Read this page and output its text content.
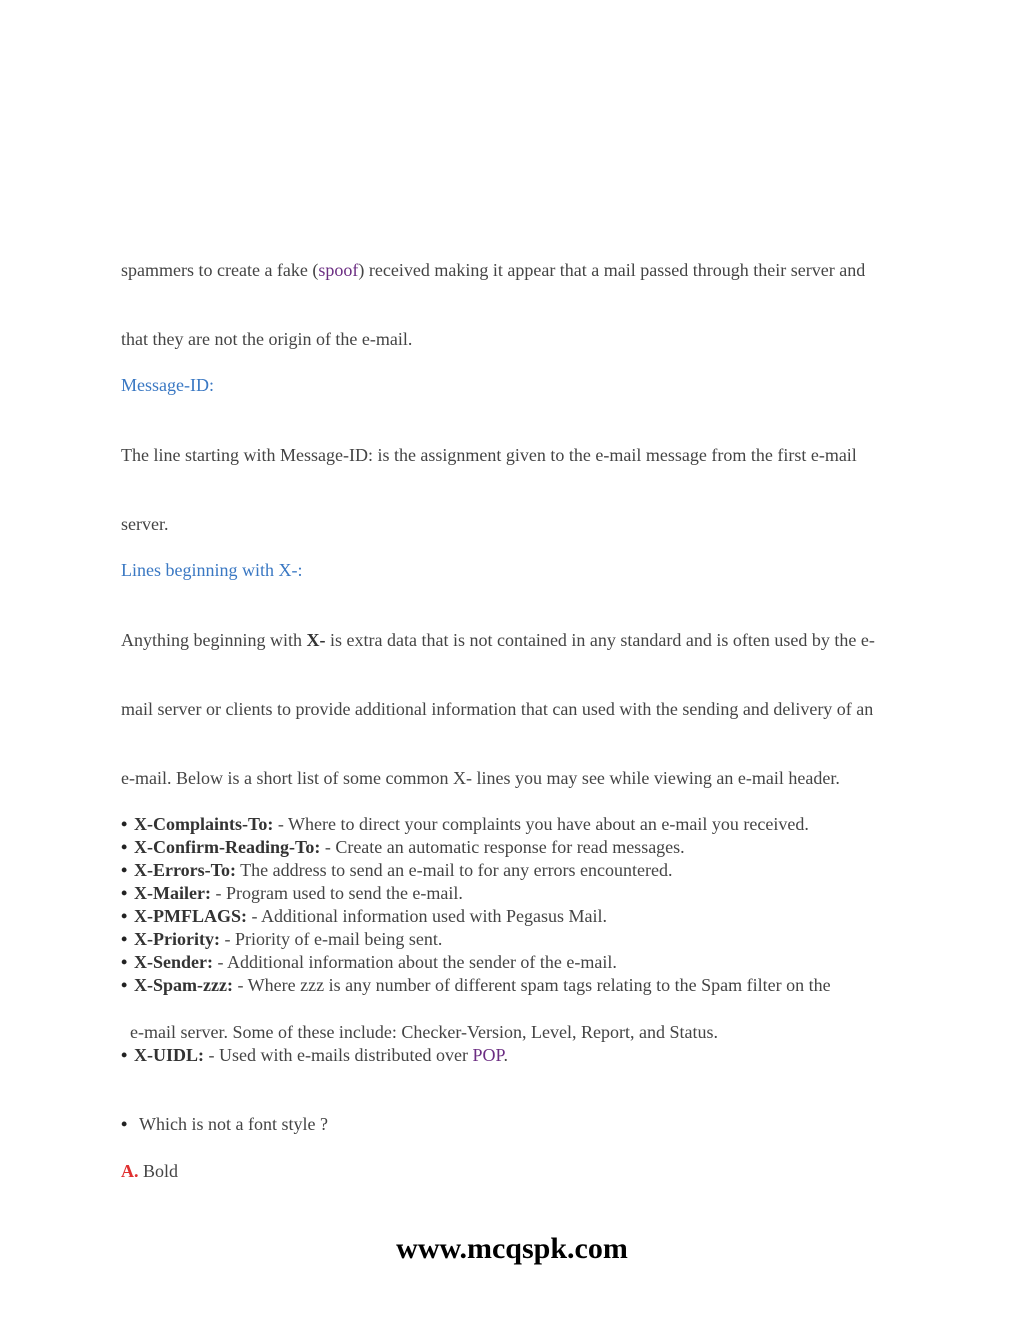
spammers to create a fake (spoof) received making it appear that a mail passed through their server and
that they are not the origin of the e-mail.
Message-ID:
The line starting with Message-ID: is the assignment given to the e-mail message from the first e-mail
server.
Lines beginning with X-:
Anything beginning with X- is extra data that is not contained in any standard and is often used by the e-
mail server or clients to provide additional information that can used with the sending and delivery of an
e-mail. Below is a short list of some common X- lines you may see while viewing an e-mail header.
• X-Complaints-To: - Where to direct your complaints you have about an e-mail you received.
• X-Confirm-Reading-To: - Create an automatic response for read messages.
• X-Errors-To: The address to send an e-mail to for any errors encountered.
• X-Mailer: - Program used to send the e-mail.
• X-PMFLAGS: - Additional information used with Pegasus Mail.
• X-Priority: - Priority of e-mail being sent.
• X-Sender: - Additional information about the sender of the e-mail.
• X-Spam-zzz: - Where zzz is any number of different spam tags relating to the Spam filter on the
e-mail server. Some of these include: Checker-Version, Level, Report, and Status.
• X-UIDL: - Used with e-mails distributed over POP.
• Which is not a font style ?
A. Bold
www.mcqspk.com
